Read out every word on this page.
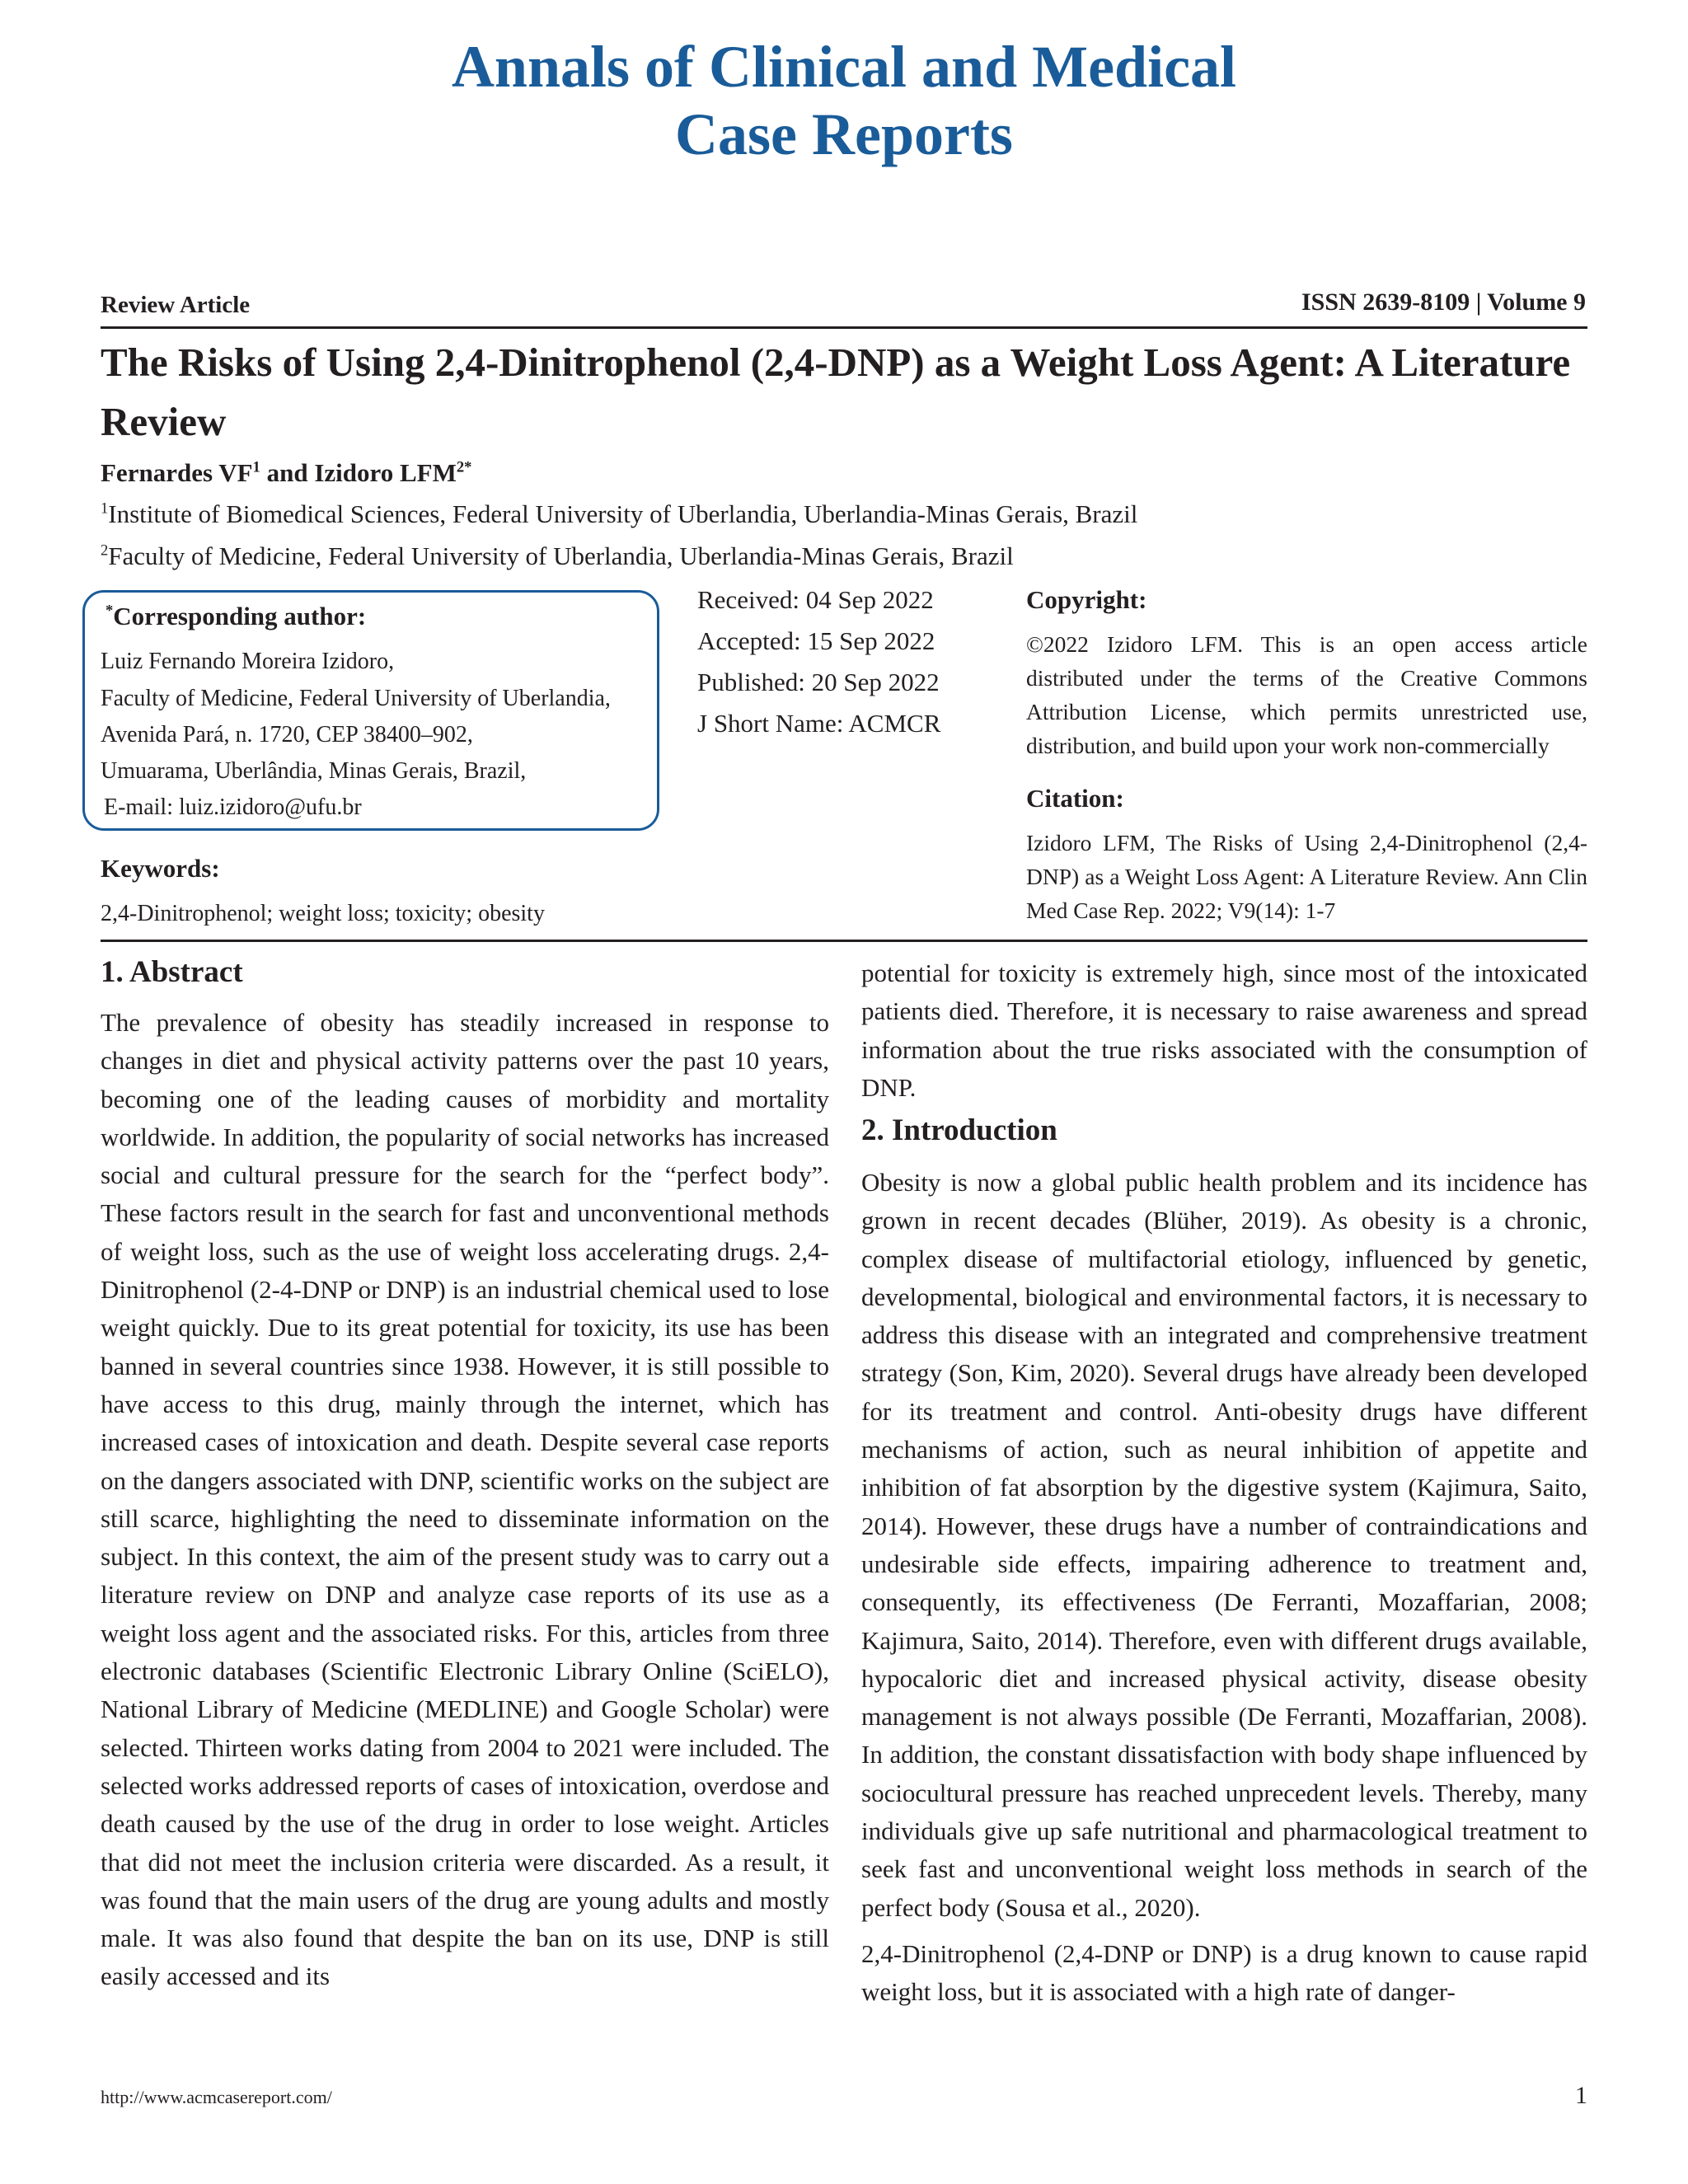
Annals of Clinical and Medical
Case Reports
Review Article	ISSN 2639-8109 | Volume 9
The Risks of Using 2,4-Dinitrophenol (2,4-DNP) as a Weight Loss Agent: A Literature Review
Fernardes $VF^1$ and Izidoro $LFM^{2*}$
$^1$Institute of Biomedical Sciences, Federal University of Uberlandia, Uberlandia-Minas Gerais, Brazil
$^2$Faculty of Medicine, Federal University of Uberlandia, Uberlandia-Minas Gerais, Brazil
*Corresponding author:
Luiz Fernando Moreira Izidoro,
Faculty of Medicine, Federal University of Uberlandia,
Avenida Pará, n. 1720, CEP 38400–902,
Umuarama, Uberlândia, Minas Gerais, Brazil,
E-mail: luiz.izidoro@ufu.br
Received: 04 Sep 2022
Accepted: 15 Sep 2022
Published: 20 Sep 2022
J Short Name: ACMCR
Copyright:
©2022 Izidoro LFM. This is an open access article distributed under the terms of the Creative Commons Attribution License, which permits unrestricted use, distribution, and build upon your work non-commercially
Citation:
Izidoro LFM, The Risks of Using 2,4-Dinitrophenol (2,4-DNP) as a Weight Loss Agent: A Literature Review. Ann Clin Med Case Rep. 2022; V9(14): 1-7
Keywords:
2,4-Dinitrophenol; weight loss; toxicity; obesity
1. Abstract
The prevalence of obesity has steadily increased in response to changes in diet and physical activity patterns over the past 10 years, becoming one of the leading causes of morbidity and mortality worldwide. In addition, the popularity of social networks has increased social and cultural pressure for the search for the “perfect body”. These factors result in the search for fast and unconventional methods of weight loss, such as the use of weight loss accelerating drugs. 2,4-Dinitrophenol (2-4-DNP or DNP) is an industrial chemical used to lose weight quickly. Due to its great potential for toxicity, its use has been banned in several countries since 1938. However, it is still possible to have access to this drug, mainly through the internet, which has increased cases of intoxication and death. Despite several case reports on the dangers associated with DNP, scientific works on the subject are still scarce, highlighting the need to disseminate information on the subject. In this context, the aim of the present study was to carry out a literature review on DNP and analyze case reports of its use as a weight loss agent and the associated risks. For this, articles from three electronic databases (Scientific Electronic Library Online (SciELO), National Library of Medicine (MEDLINE) and Google Scholar) were selected. Thirteen works dating from 2004 to 2021 were included. The selected works addressed reports of cases of intoxication, overdose and death caused by the use of the drug in order to lose weight. Articles that did not meet the inclusion criteria were discarded. As a result, it was found that the main users of the drug are young adults and mostly male. It was also found that despite the ban on its use, DNP is still easily accessed and its
potential for toxicity is extremely high, since most of the intoxicated patients died. Therefore, it is necessary to raise awareness and spread information about the true risks associated with the consumption of DNP.
2. Introduction

Obesity is now a global public health problem and its incidence has grown in recent decades (Blüher, 2019). As obesity is a chronic, complex disease of multifactorial etiology, influenced by genetic, developmental, biological and environmental factors, it is necessary to address this disease with an integrated and comprehensive treatment strategy (Son, Kim, 2020). Several drugs have already been developed for its treatment and control. Anti-obesity drugs have different mechanisms of action, such as neural inhibition of appetite and inhibition of fat absorption by the digestive system (Kajimura, Saito, 2014). However, these drugs have a number of contraindications and undesirable side effects, impairing adherence to treatment and, consequently, its effectiveness (De Ferranti, Mozaffarian, 2008; Kajimura, Saito, 2014). Therefore, even with different drugs available, hypocaloric diet and increased physical activity, disease obesity management is not always possible (De Ferranti, Mozaffarian, 2008). In addition, the constant dissatisfaction with body shape influenced by sociocultural pressure has reached unprecedent levels. Thereby, many individuals give up safe nutritional and pharmacological treatment to seek fast and unconventional weight loss methods in search of the perfect body (Sousa et al., 2020).

2,4-Dinitrophenol (2,4-DNP or DNP) is a drug known to cause rapid weight loss, but it is associated with a high rate of danger-

http://www.acmcasereport.com/	1
